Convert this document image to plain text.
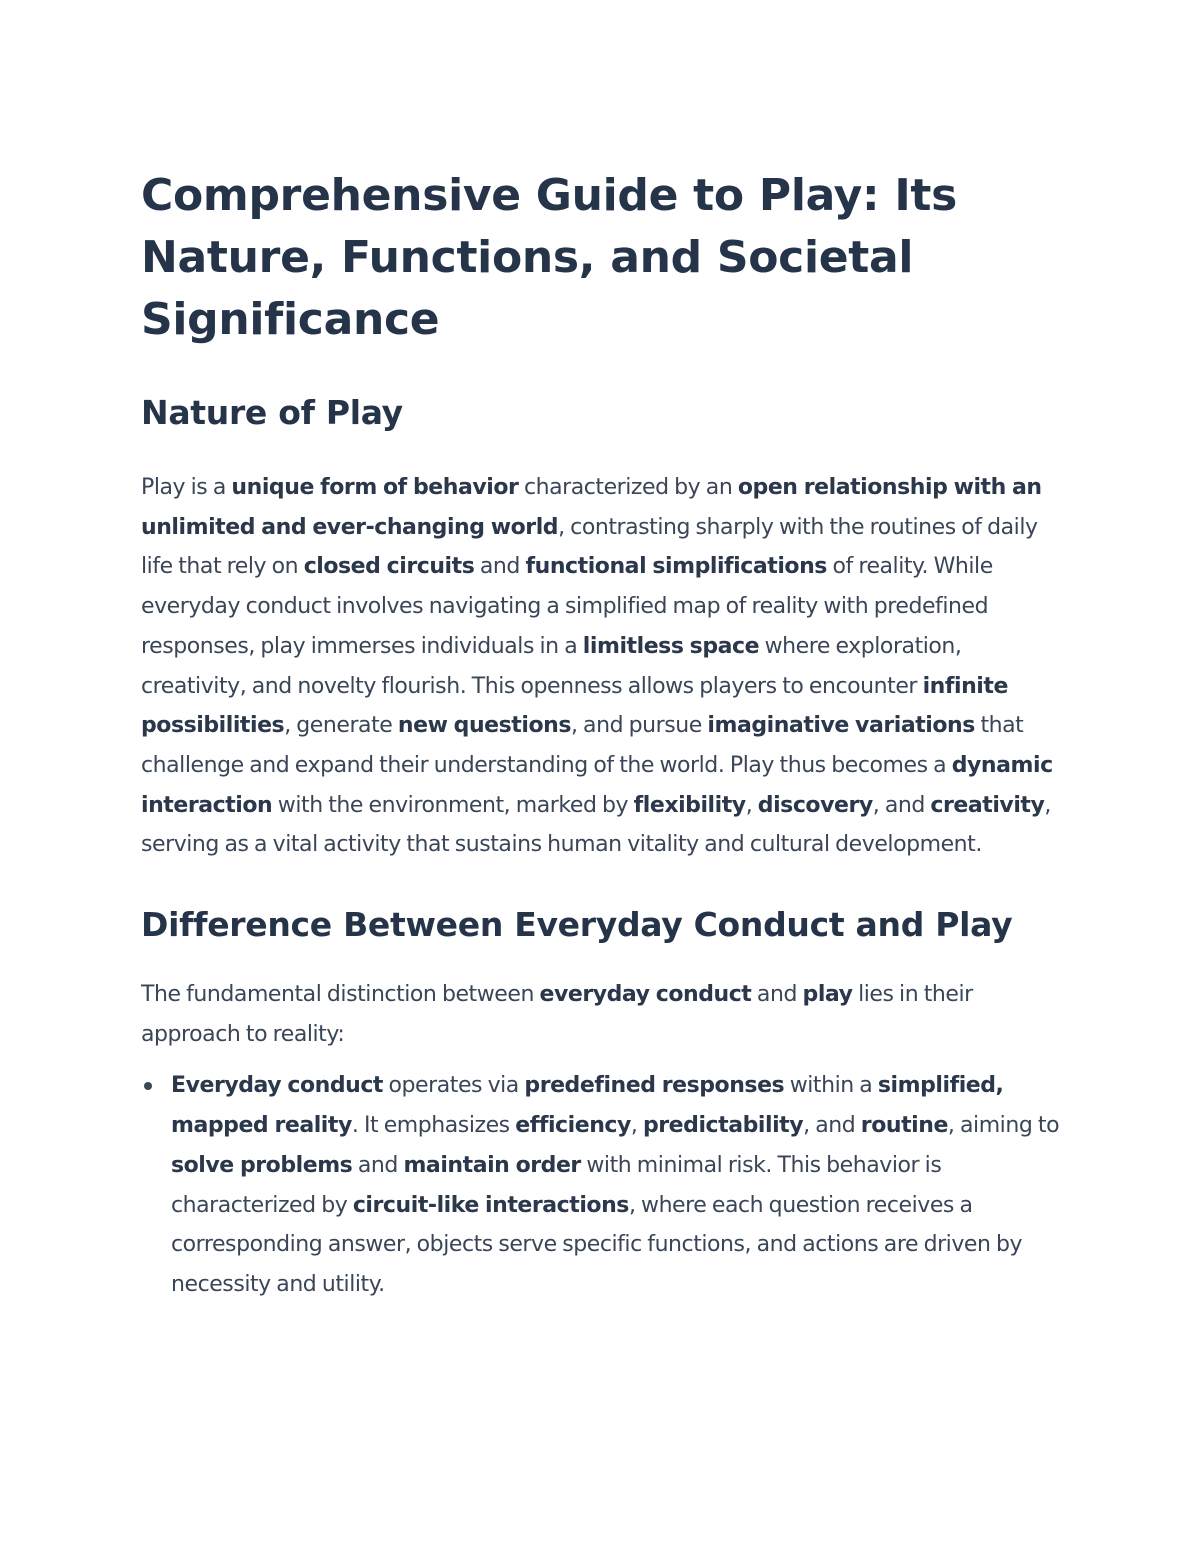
Comprehensive Guide to Play: Its Nature, Functions, and Societal Significance
Nature of Play

Play is a unique form of behavior characterized by an open relationship with an unlimited and ever-changing world, contrasting sharply with the routines of daily life that rely on closed circuits and functional simplifications of reality. While everyday conduct involves navigating a simplified map of reality with predefined responses, play immerses individuals in a limitless space where exploration, creativity, and novelty flourish. This openness allows players to encounter infinite possibilities, generate new questions, and pursue imaginative variations that challenge and expand their understanding of the world. Play thus becomes a dynamic interaction with the environment, marked by flexibility, discovery, and creativity, serving as a vital activity that sustains human vitality and cultural development.

Difference Between Everyday Conduct and Play

The fundamental distinction between everyday conduct and play lies in their approach to reality:

Everyday conduct operates via predefined responses within a simplified, mapped reality. It emphasizes efficiency, predictability, and routine, aiming to solve problems and maintain order with minimal risk. This behavior is characterized by circuit-like interactions, where each question receives a corresponding answer, objects serve specific functions, and actions are driven by necessity and utility.
